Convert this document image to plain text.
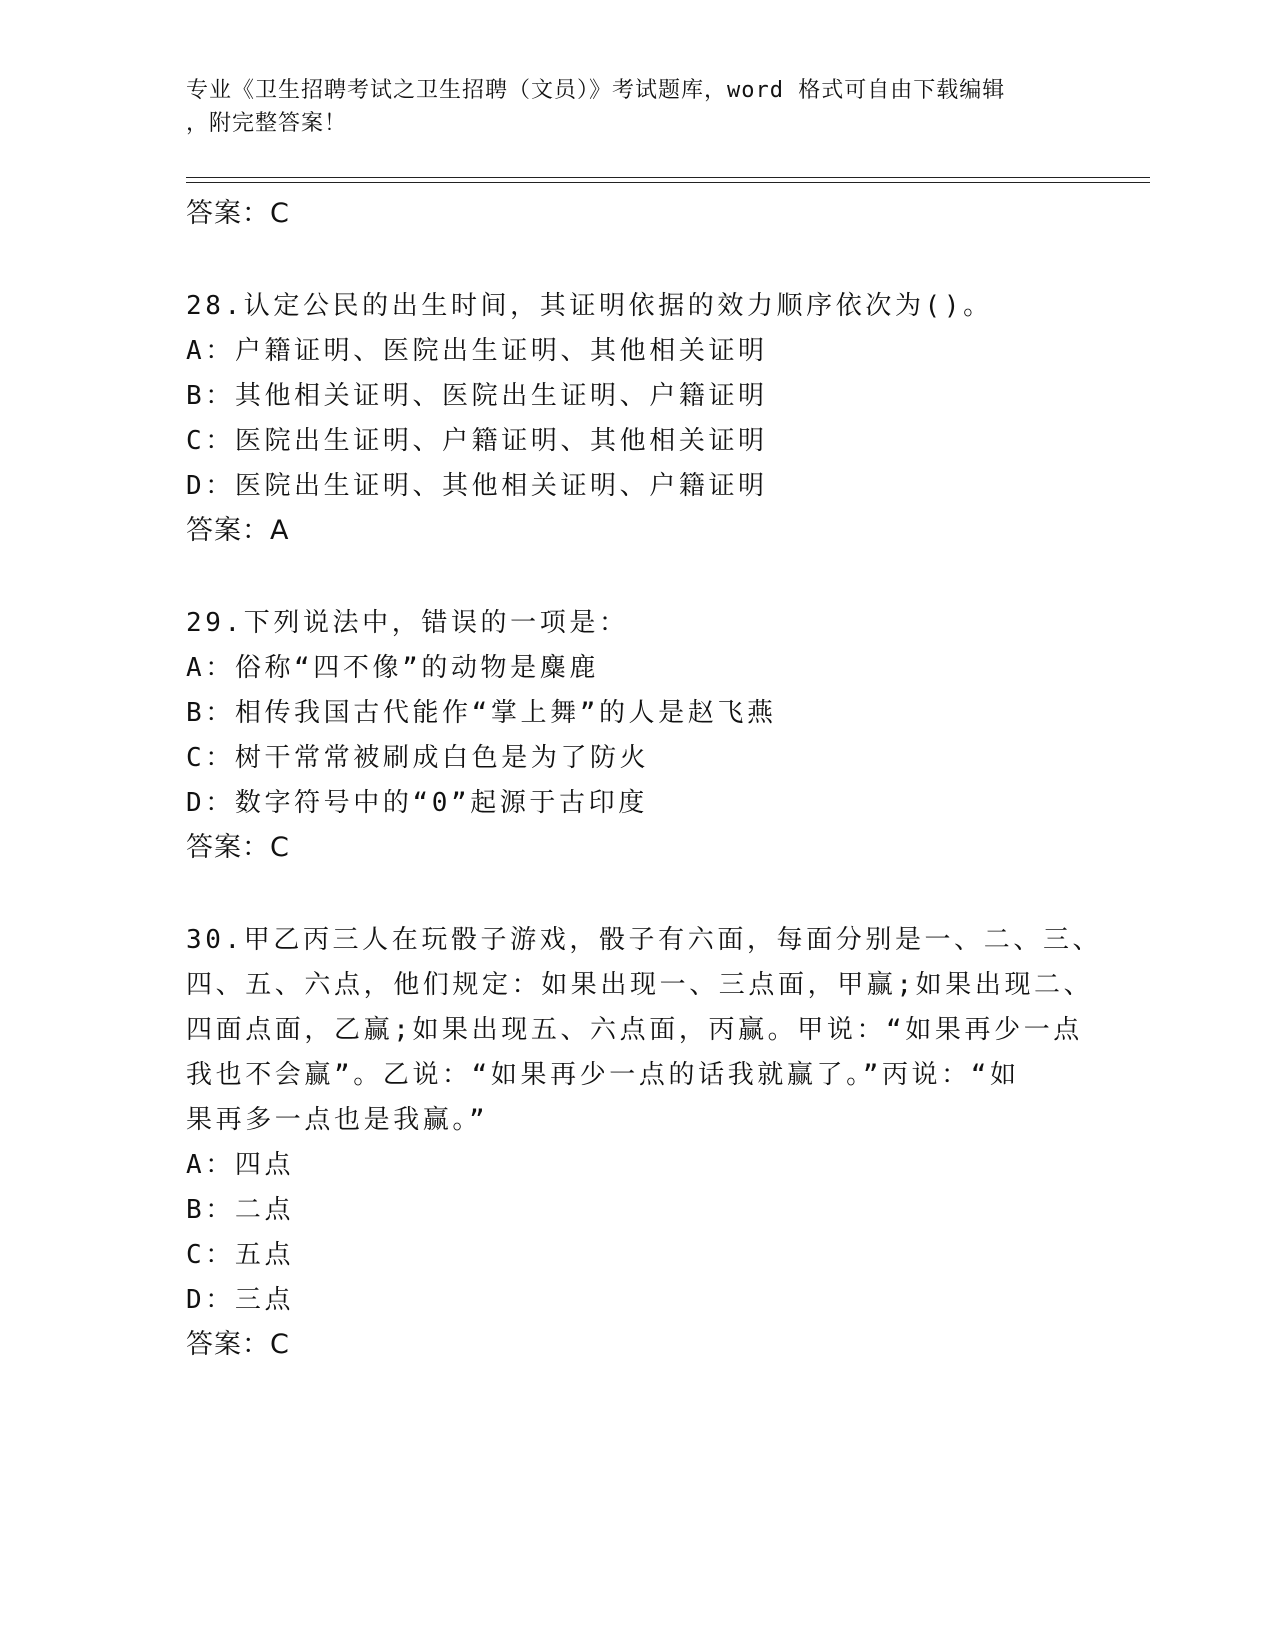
专业《卫生招聘考试之卫生招聘（文员）》考试题库，word 格式可自由下载编辑
，附完整答案！
答案：C
28.认定公民的出生时间，其证明依据的效力顺序依次为()。
A：户籍证明、医院出生证明、其他相关证明
B：其他相关证明、医院出生证明、户籍证明
C：医院出生证明、户籍证明、其他相关证明
D：医院出生证明、其他相关证明、户籍证明
答案：A
29.下列说法中，错误的一项是：
A：俗称“四不像”的动物是麋鹿
B：相传我国古代能作“掌上舞”的人是赵飞燕
C：树干常常被刷成白色是为了防火
D：数字符号中的“0”起源于古印度
答案：C
30.甲乙丙三人在玩骰子游戏，骰子有六面，每面分别是一、二、三、
四、五、六点，他们规定：如果出现一、三点面，甲赢;如果出现二、
四面点面，乙赢;如果出现五、六点面，丙赢。甲说：“如果再少一点
我也不会赢”。乙说：“如果再少一点的话我就赢了。”丙说：“如
果再多一点也是我赢。”
A：四点
B：二点
C：五点
D：三点
答案：C
